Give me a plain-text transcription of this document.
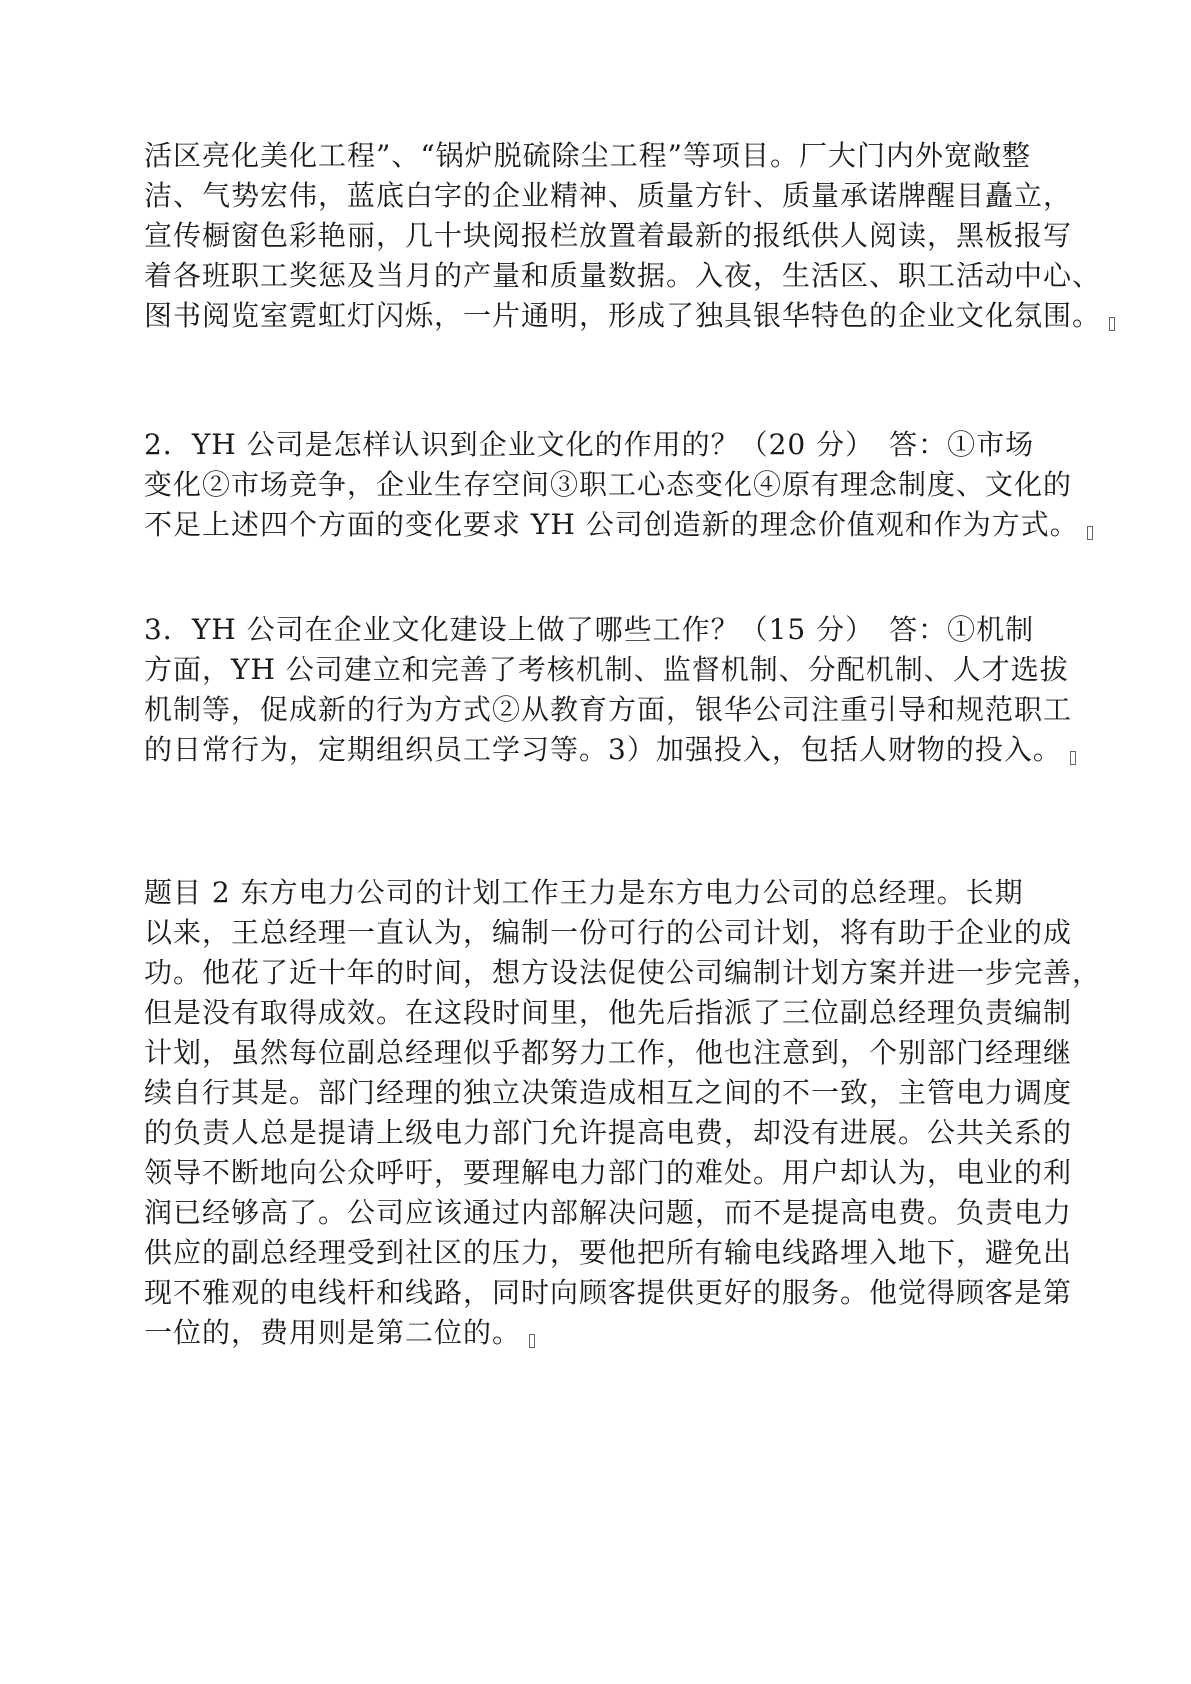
活区亮化美化工程”、“锅炉脱硫除尘工程”等项目。厂大门内外宽敞整
洁、气势宏伟，蓝底白字的企业精神、质量方针、质量承诺牌醒目矗立，
宣传橱窗色彩艳丽，几十块阅报栏放置着最新的报纸供人阅读，黑板报写
着各班职工奖惩及当月的产量和质量数据。入夜，生活区、职工活动中心、
图书阅览室霓虹灯闪烁，一片通明，形成了独具银华特色的企业文化氛围。
2．YH 公司是怎样认识到企业文化的作用的？（20 分）　答：①市场
变化②市场竞争，企业生存空间③职工心态变化④原有理念制度、文化的
不足上述四个方面的变化要求 YH 公司创造新的理念价值观和作为方式。
3．YH 公司在企业文化建设上做了哪些工作？（15 分）　答：①机制
方面，YH 公司建立和完善了考核机制、监督机制、分配机制、人才选拔
机制等，促成新的行为方式②从教育方面，银华公司注重引导和规范职工
的日常行为，定期组织员工学习等。3）加强投入，包括人财物的投入。
题目 2 东方电力公司的计划工作王力是东方电力公司的总经理。长期
以来，王总经理一直认为，编制一份可行的公司计划，将有助于企业的成
功。他花了近十年的时间，想方设法促使公司编制计划方案并进一步完善，
但是没有取得成效。在这段时间里，他先后指派了三位副总经理负责编制
计划，虽然每位副总经理似乎都努力工作，他也注意到，个别部门经理继
续自行其是。部门经理的独立决策造成相互之间的不一致，主管电力调度
的负责人总是提请上级电力部门允许提高电费，却没有进展。公共关系的
领导不断地向公众呼吁，要理解电力部门的难处。用户却认为，电业的利
润已经够高了。公司应该通过内部解决问题，而不是提高电费。负责电力
供应的副总经理受到社区的压力，要他把所有输电线路埋入地下，避免出
现不雅观的电线杆和线路，同时向顾客提供更好的服务。他觉得顾客是第
一位的，费用则是第二位的。
